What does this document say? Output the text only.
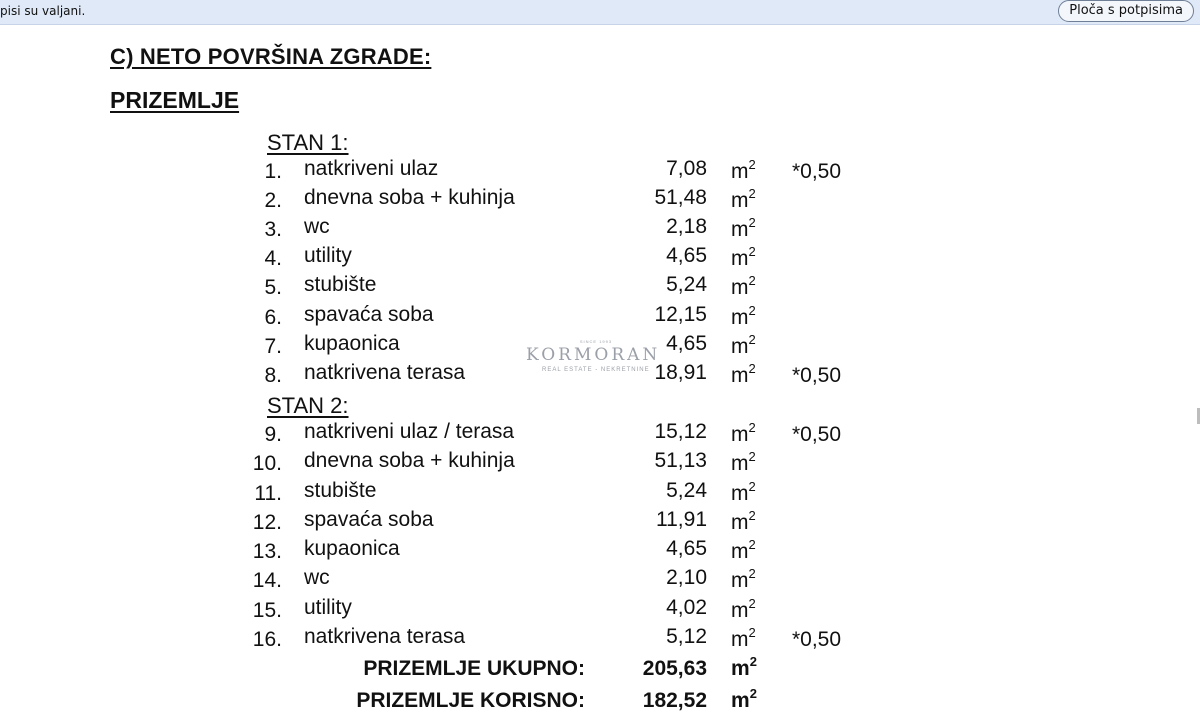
pisi su valjani.	Ploča s potpisima
C) NETO POVRŠINA ZGRADE:
PRIZEMLJE
STAN 1:
STAN 2:
1. natkriveni ulaz	7,08 $m^2$ *0,50
2. dnevna soba + kuhinja	51,48 $m^2$
3. wc	2,18 $m^2$
4. utility	4,65 $m^2$
5. stubište	5,24 $m^2$
6. spavaća soba	12,15 $m^2$
7. kupaonica	4,65 $m^2$
8. natkrivena terasa	18,91 $m^2$ *0,50
9. natkriveni ulaz / terasa	15,12 $m^2$ *0,50
10. dnevna soba + kuhinja	51,13 $m^2$
11. stubište	5,24 $m^2$
12. spavaća soba	11,91 $m^2$
13. kupaonica	4,65 $m^2$
14. wc	2,10 $m^2$
15. utility	4,02 $m^2$
16. natkrivena terasa	5,12 $m^2$ *0,50
PRIZEMLJE UKUPNO:	205,63 $m^2$
PRIZEMLJE KORISNO:	182,52 $m^2$
SINCE 1993
KORMORAN
REAL ESTATE - NEKRETNINE
